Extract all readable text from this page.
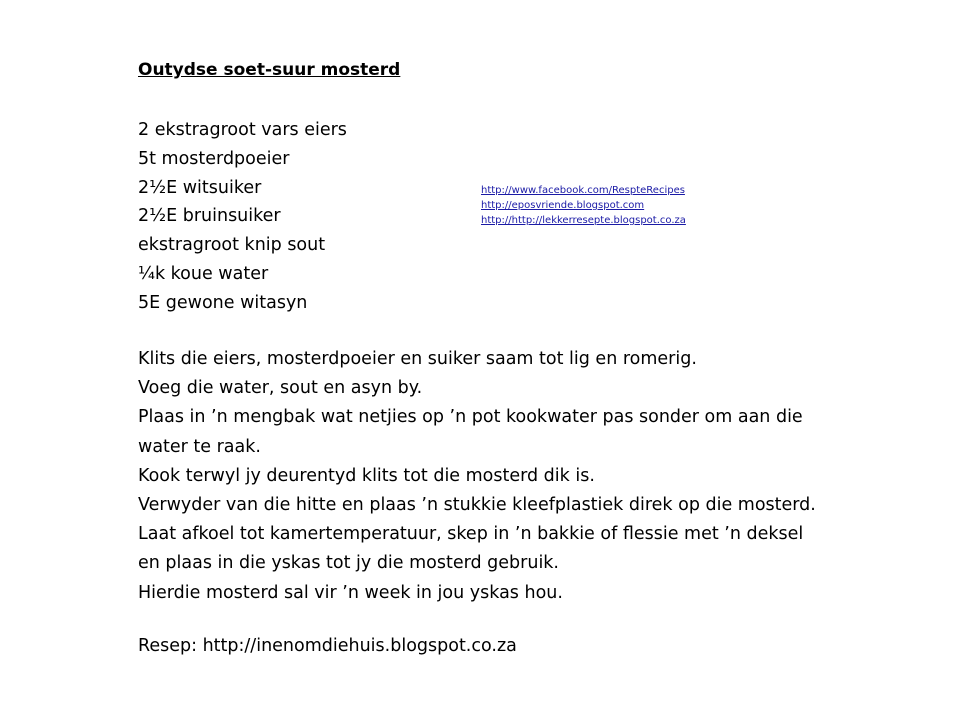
Outydse soet-suur mosterd
2 ekstragroot vars eiers
5t mosterdpoeier
2½E witsuiker
2½E bruinsuiker
ekstragroot knip sout
¼k koue water
5E gewone witasyn
http://www.facebook.com/RespteRecipes
http://eposvriende.blogspot.com
http://http://lekkerresepte.blogspot.co.za

Klits die eiers, mosterdpoeier en suiker saam tot lig en romerig.

Voeg die water, sout en asyn by.

Plaas in ’n mengbak wat netjies op ’n pot kookwater pas sonder om aan die

water te raak.

Kook terwyl jy deurentyd klits tot die mosterd dik is.

Verwyder van die hitte en plaas ’n stukkie kleefplastiek direk op die mosterd.

Laat afkoel tot kamertemperatuur, skep in ’n bakkie of flessie met ’n deksel

en plaas in die yskas tot jy die mosterd gebruik.

Hierdie mosterd sal vir ’n week in jou yskas hou.

Resep: http://inenomdiehuis.blogspot.co.za
